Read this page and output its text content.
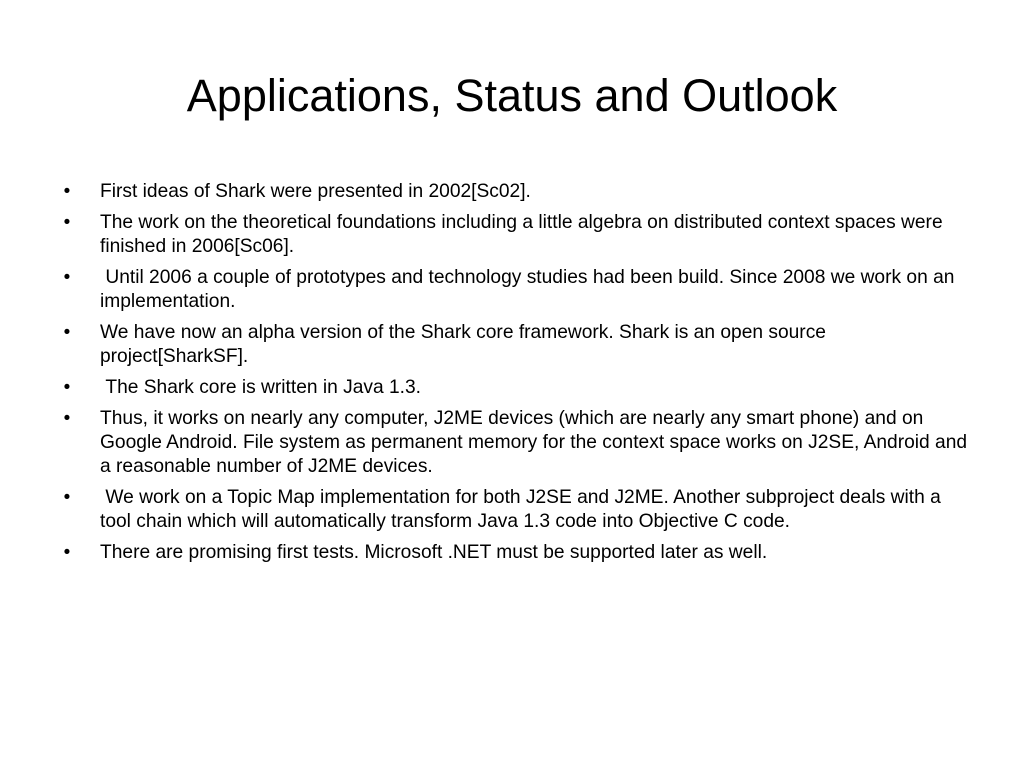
Applications, Status and Outlook
• First ideas of Shark were presented in 2002[Sc02].
• The work on the theoretical foundations including a little algebra on distributed context spaces were finished in 2006[Sc06].
• Until 2006 a couple of prototypes and technology studies had been build. Since 2008 we work on an implementation.
• We have now an alpha version of the Shark core framework. Shark is an open source project[SharkSF].
• The Shark core is written in Java 1.3.
• Thus, it works on nearly any computer, J2ME devices (which are nearly any smart phone) and on Google Android. File system as permanent memory for the context space works on J2SE, Android and a reasonable number of J2ME devices.
• We work on a Topic Map implementation for both J2SE and J2ME. Another subproject deals with a tool chain which will automatically transform Java 1.3 code into Objective C code.
• There are promising first tests. Microsoft .NET must be supported later as well.
